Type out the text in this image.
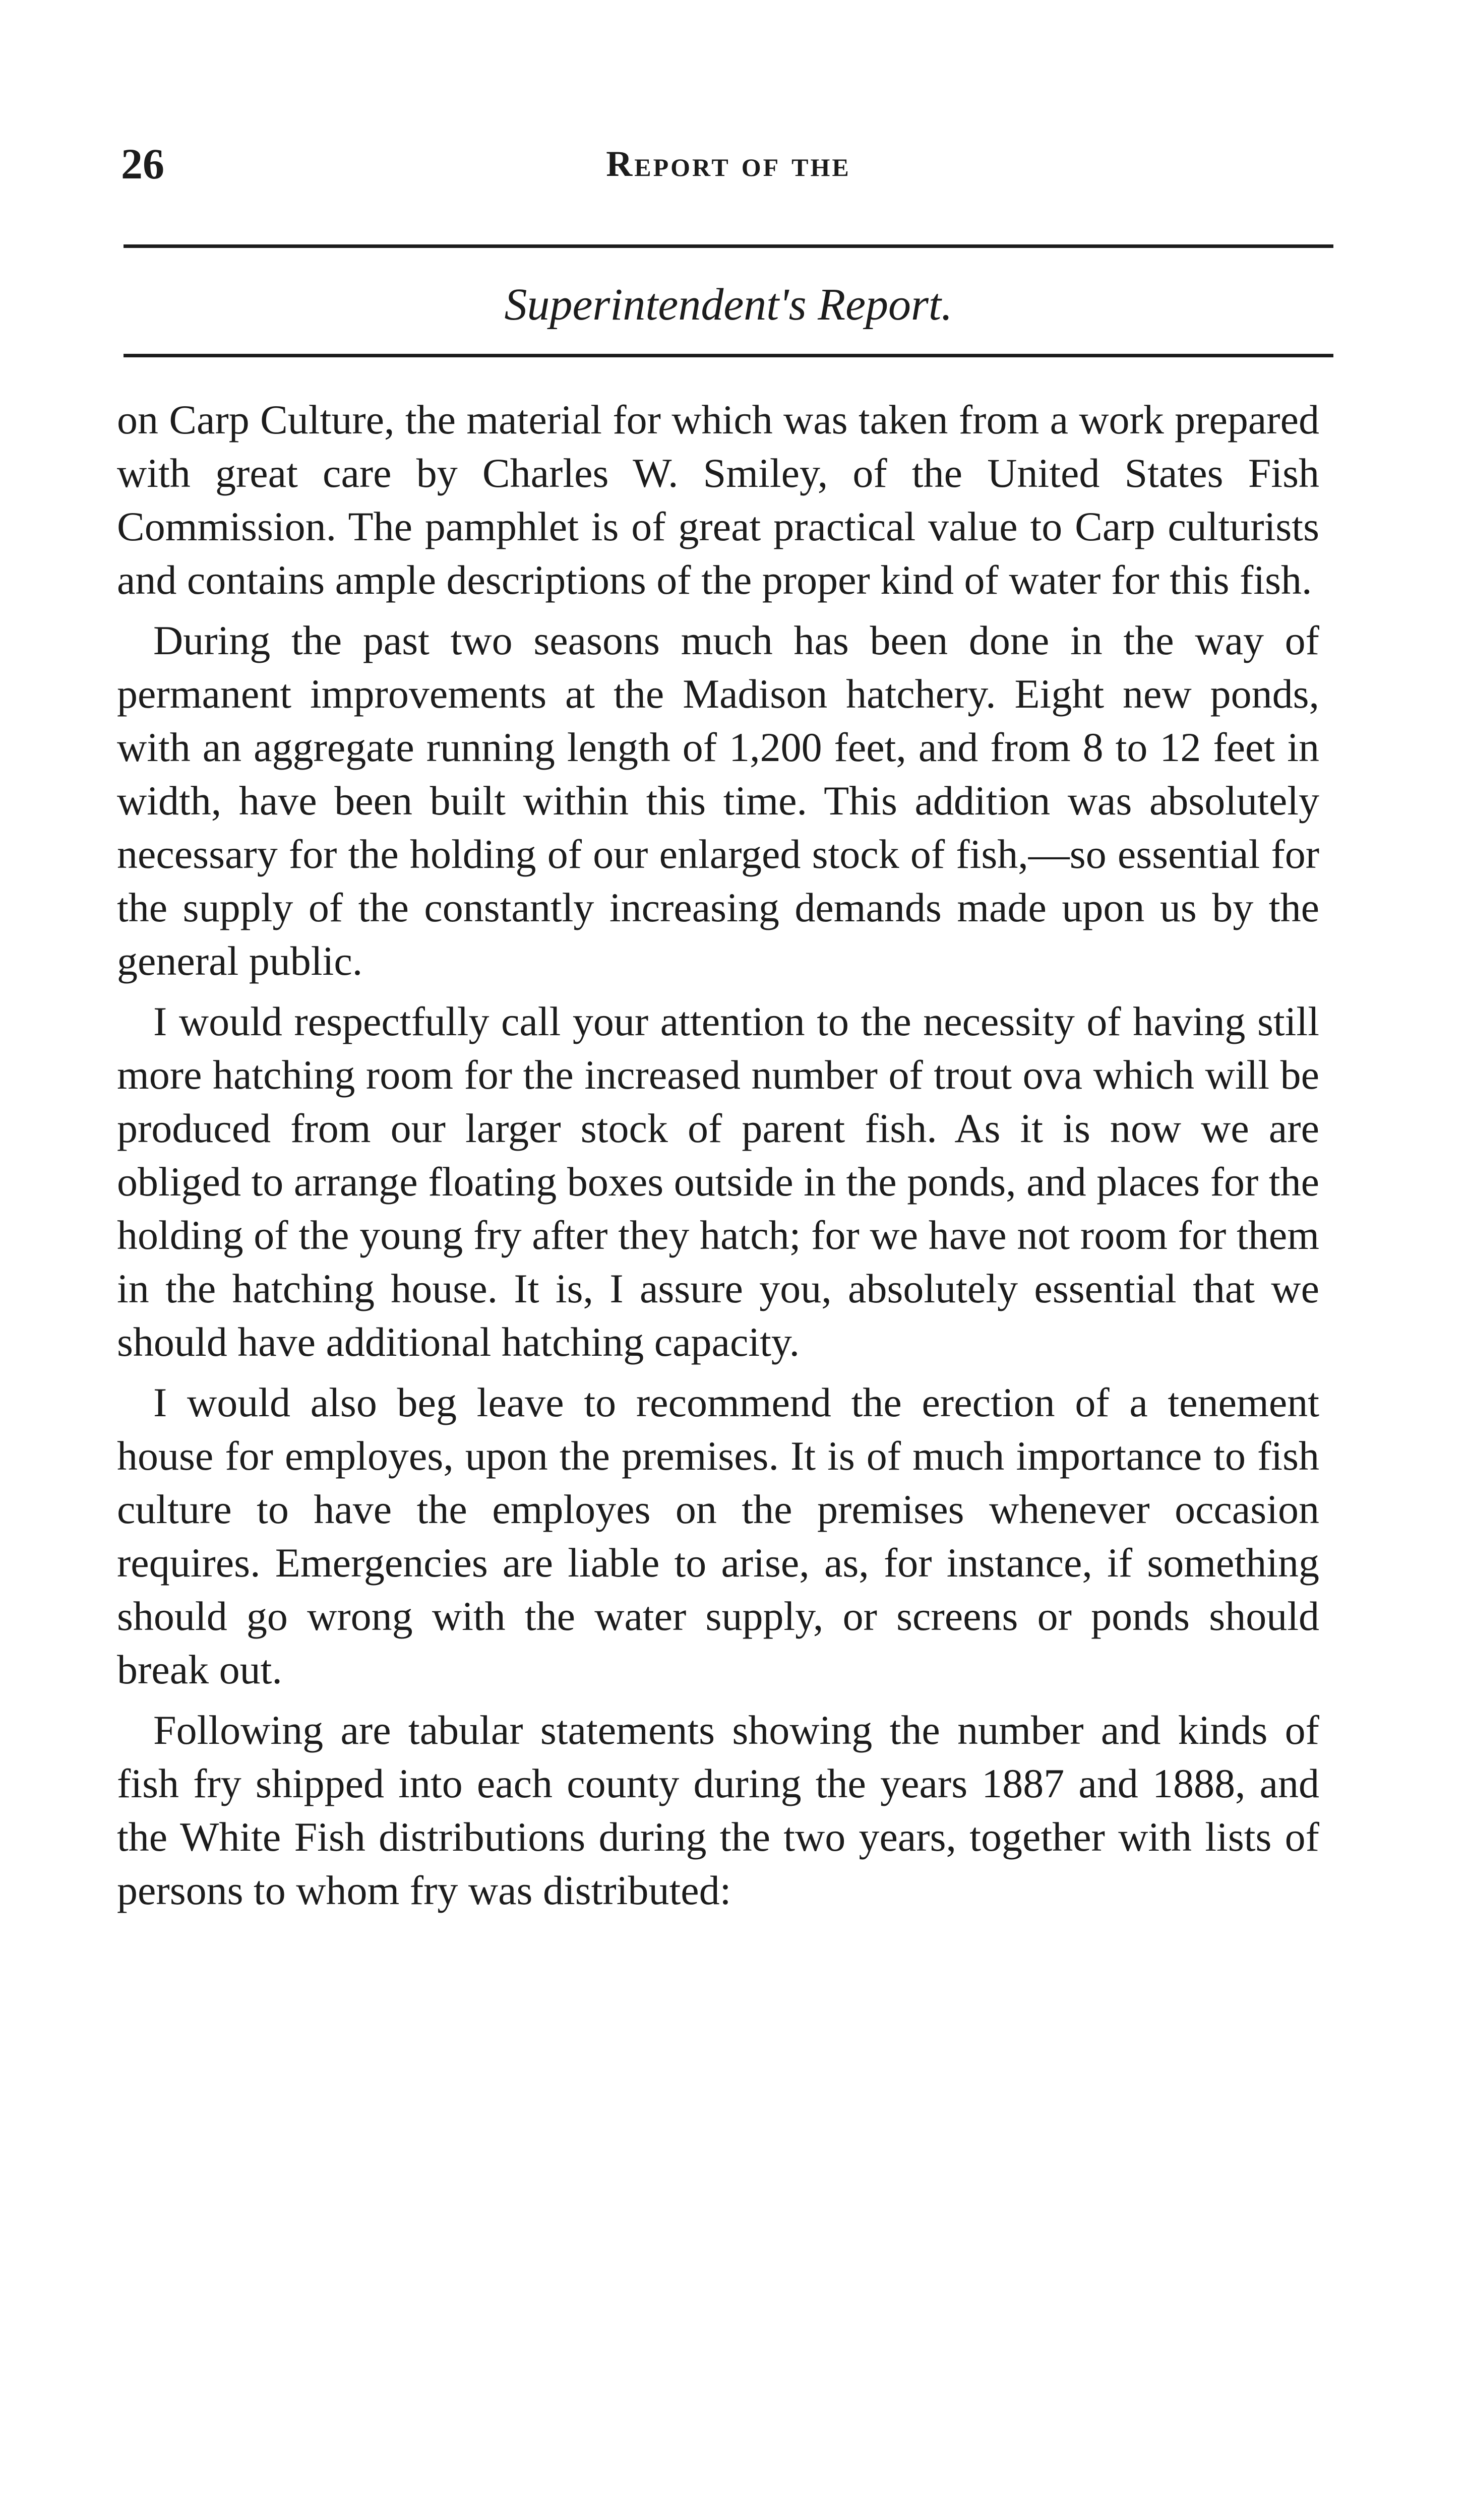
26	Report of the
Superintendent's Report.

on Carp Culture, the material for which was taken from a work prepared with great care by Charles W. Smiley, of the United States Fish Commission. The pamphlet is of great practical value to Carp culturists and contains ample descriptions of the proper kind of water for this fish.

During the past two seasons much has been done in the way of permanent improvements at the Madison hatchery. Eight new ponds, with an aggregate running length of 1,200 feet, and from 8 to 12 feet in width, have been built within this time. This addition was absolutely necessary for the holding of our enlarged stock of fish,—so essential for the supply of the constantly increasing demands made upon us by the general public.

I would respectfully call your attention to the necessity of having still more hatching room for the increased number of trout ova which will be produced from our larger stock of parent fish. As it is now we are obliged to arrange floating boxes outside in the ponds, and places for the holding of the young fry after they hatch; for we have not room for them in the hatching house. It is, I assure you, absolutely essential that we should have additional hatching capacity.

I would also beg leave to recommend the erection of a tenement house for employes, upon the premises. It is of much importance to fish culture to have the employes on the premises whenever occasion requires. Emergencies are liable to arise, as, for instance, if something should go wrong with the water supply, or screens or ponds should break out.

Following are tabular statements showing the number and kinds of fish fry shipped into each county during the years 1887 and 1888, and the White Fish distributions during the two years, together with lists of persons to whom fry was distributed:
